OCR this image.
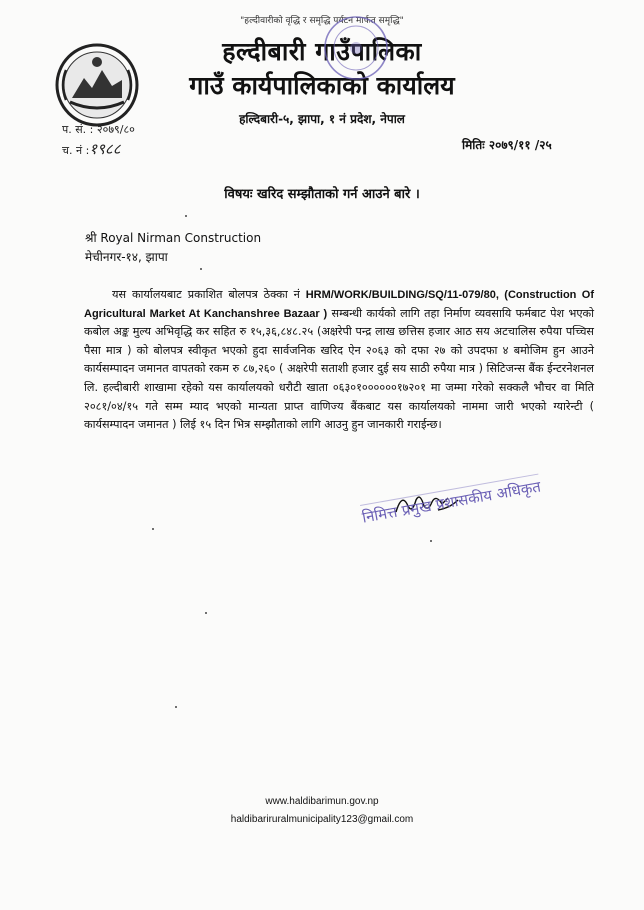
"हल्दीवारीको वृद्धि र समृद्धि पर्यटन मार्फत समृद्धि"
हल्दीबारी गाउँपालिका
गाउँ कार्यपालिकाको कार्यालय
हल्दिबारी-५, झापा, १ नं प्रदेश, नेपाल
प. सं. : २०७९/८०
च. नं :१९८८	मितिः २०७९/११ /२५
विषयः खरिद सम्झौताको गर्न आउने बारे ।
श्री Royal Nirman Construction
मेचीनगर-१४, झापा
यस कार्यालयबाट प्रकाशित बोलपत्र ठेक्का नं HRM/WORK/BUILDING/SQ/11-079/80, (Construction Of Agricultural Market At Kanchanshree Bazaar ) सम्बन्धी कार्यको लागि तहा निर्माण व्यवसायि फर्मबाट पेश भएको कबोल अङ्क मुल्य अभिवृद्धि कर सहित रु १५,३६,८४८.२५ (अक्षरेपी पन्द्र लाख छत्तिस हजार आठ सय अटचालिस रुपैया पच्चिस पैसा मात्र ) को बोलपत्र स्वीकृत भएको हुदा सार्वजनिक खरिद ऐन २०६३ को दफा २७ को उपदफा ४ बमोजिम हुन आउने कार्यसम्पादन जमानत वापतको रकम रु ८७,२६० ( अक्षरेपी सताशी हजार दुई सय साठी रुपैया मात्र ) सिटिजन्स बैंक ईन्टरनेशनल लि. हल्दीबारी शाखामा रहेको यस कार्यालयको धरौटी खाता ०६३०१००००००१७२०१ मा जम्मा गरेको सक्कलै भौचर वा मिति २०८१/०४/१५ गते सम्म म्याद भएको मान्यता प्राप्त वाणिज्य बैंकबाट यस कार्यालयको नाममा जारी भएको ग्यारेन्टी ( कार्यसम्पादन जमानत ) लिई १५ दिन भित्र सम्झौताको लागि आउनु हुन जानकारी गराईन्छ।
निमित्त प्रमुख प्रशासकीय अधिकृत
www.haldibarimun.gov.np
haldibariruralmunicipality123@gmail.com
